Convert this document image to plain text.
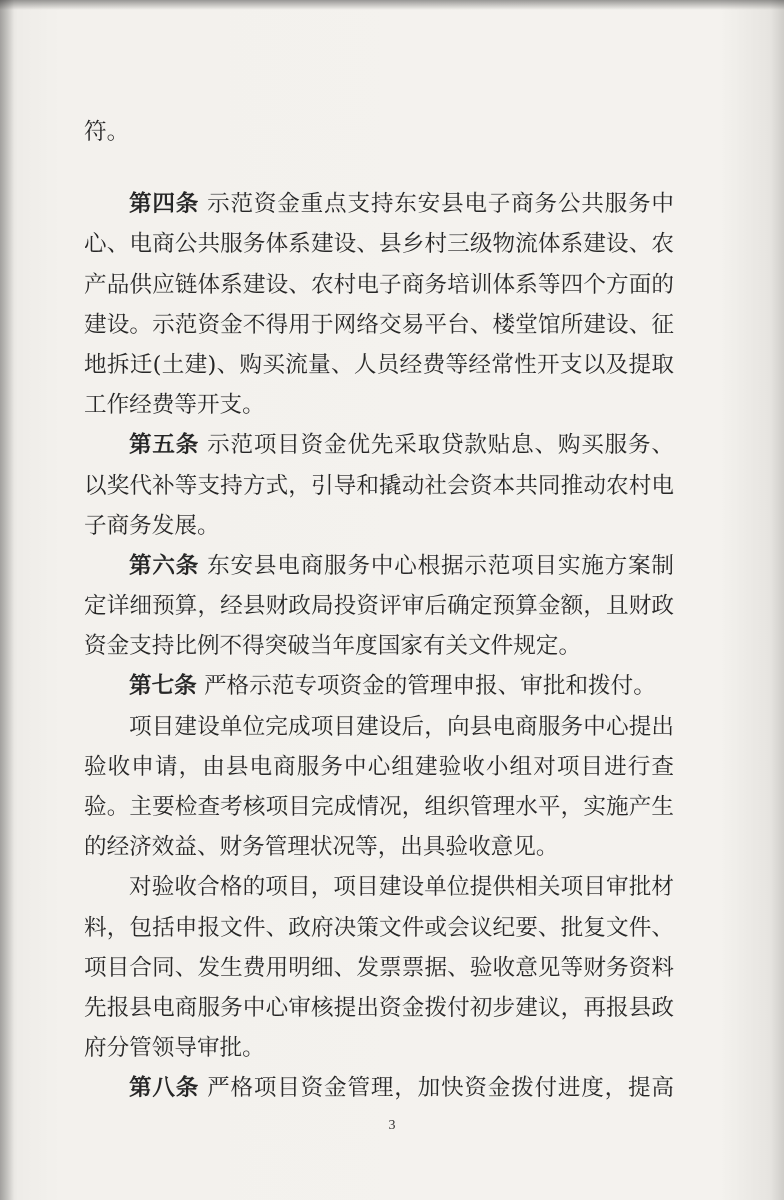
符。
第四条 示范资金重点支持东安县电子商务公共服务中
心、电商公共服务体系建设、县乡村三级物流体系建设、农
产品供应链体系建设、农村电子商务培训体系等四个方面的
建设。示范资金不得用于网络交易平台、楼堂馆所建设、征
地拆迁(土建)、购买流量、人员经费等经常性开支以及提取
工作经费等开支。
第五条 示范项目资金优先采取贷款贴息、购买服务、
以奖代补等支持方式，引导和撬动社会资本共同推动农村电
子商务发展。
第六条 东安县电商服务中心根据示范项目实施方案制
定详细预算，经县财政局投资评审后确定预算金额，且财政
资金支持比例不得突破当年度国家有关文件规定。
第七条 严格示范专项资金的管理申报、审批和拨付。
项目建设单位完成项目建设后，向县电商服务中心提出
验收申请，由县电商服务中心组建验收小组对项目进行查
验。主要检查考核项目完成情况，组织管理水平，实施产生
的经济效益、财务管理状况等，出具验收意见。
对验收合格的项目，项目建设单位提供相关项目审批材
料，包括申报文件、政府决策文件或会议纪要、批复文件、
项目合同、发生费用明细、发票票据、验收意见等财务资料
先报县电商服务中心审核提出资金拨付初步建议，再报县政
府分管领导审批。
第八条 严格项目资金管理，加快资金拨付进度，提高
3
